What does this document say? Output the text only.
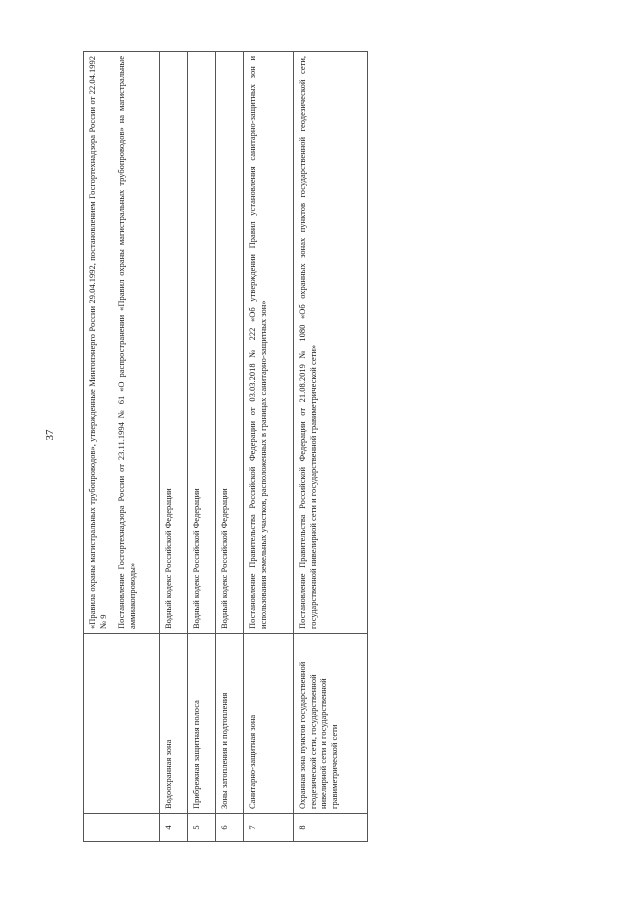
37

		«Правила охраны магистральных трубопроводов», утвержденные Минтопэнерго России 29.04.1992, постановлением Госгортехнадзора России от 22.04.1992 № 9 Постановление Госгортехнадзора России от 23.11.1994 № 61 «О распространении «Правил охраны магистральных трубопроводов» на магистральные аммиакопроводы»

4	Водоохранная зона	Водный кодекс Российской Федерации

5	Прибрежная защитная полоса	Водный кодекс Российской Федерации

6	Зоны затопления и подтопления	Водный кодекс Российской Федерации

7	Санитарно-защитная зона	Постановление Правительства Российской Федерации от 03.03.2018 № 222 «Об утверждении Правил установления санитарно-защитных зон и использования земельных участков, расположенных в границах санитарно-защитных зон»

8	Охранная зона пунктов государственной геодезической сети, государственной нивелирной сети и государственной гравиметрической сети	Постановление Правительства Российской Федерации от 21.08.2019 № 1080 «Об охранных зонах пунктов государственной геодезической сети, государственной нивелирной сети и государственной гравиметрической сети»
